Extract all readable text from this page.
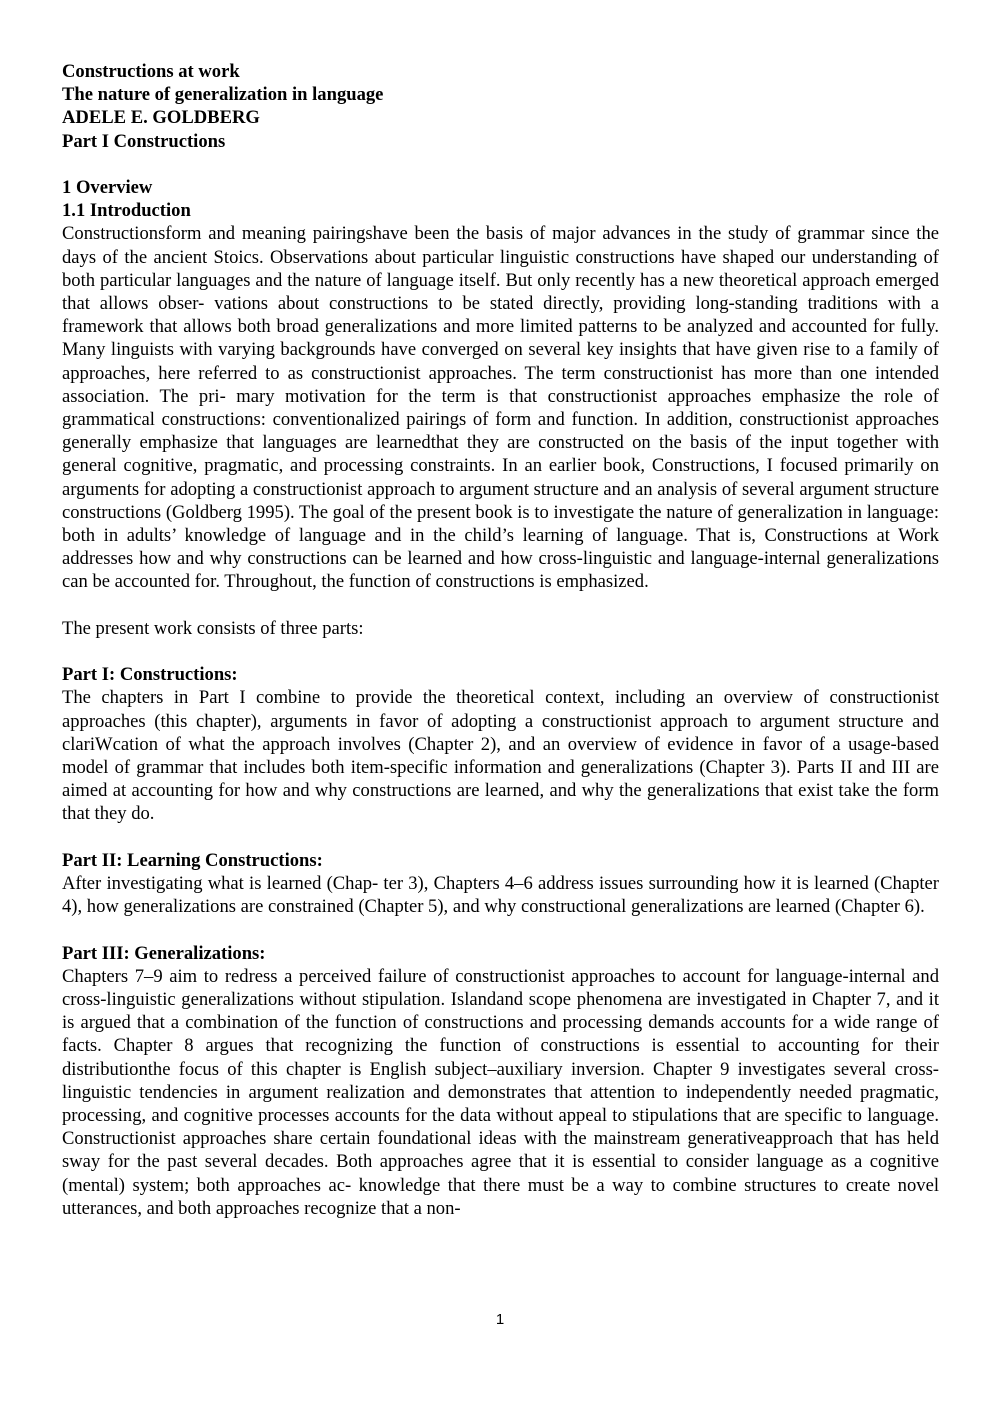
Constructions at work
The nature of generalization in language
ADELE E. GOLDBERG
Part I Constructions
1 Overview
1.1 Introduction

Constructionsform and meaning pairingshave been the basis of major advances in the study of grammar since the days of the ancient Stoics. Observations about particular linguistic constructions have shaped our understanding of both particular languages and the nature of language itself. But only recently has a new theoretical approach emerged that allows obser- vations about constructions to be stated directly, providing long-standing traditions with a framework that allows both broad generalizations and more limited patterns to be analyzed and accounted for fully. Many linguists with varying backgrounds have converged on several key insights that have given rise to a family of approaches, here referred to as constructionist approaches. The term constructionist has more than one intended association. The pri- mary motivation for the term is that constructionist approaches emphasize the role of grammatical constructions: conventionalized pairings of form and function. In addition, constructionist approaches generally emphasize that languages are learnedthat they are constructed on the basis of the input together with general cognitive, pragmatic, and processing constraints. In an earlier book, Constructions, I focused primarily on arguments for adopting a constructionist approach to argument structure and an analysis of several argument structure constructions (Goldberg 1995). The goal of the present book is to investigate the nature of generalization in language: both in adults’ knowledge of language and in the child’s learning of language. That is, Constructions at Work addresses how and why constructions can be learned and how cross-linguistic and language-internal generalizations can be accounted for. Throughout, the function of constructions is emphasized.

The present work consists of three parts:

Part I: Constructions:

The chapters in Part I combine to provide the theoretical context, including an overview of constructionist approaches (this chapter), arguments in favor of adopting a constructionist approach to argument structure and clariWcation of what the approach involves (Chapter 2), and an overview of evidence in favor of a usage-based model of grammar that includes both item-specific information and generalizations (Chapter 3). Parts II and III are aimed at accounting for how and why constructions are learned, and why the generalizations that exist take the form that they do.

Part II: Learning Constructions:

After investigating what is learned (Chap- ter 3), Chapters 4–6 address issues surrounding how it is learned (Chapter 4), how generalizations are constrained (Chapter 5), and why constructional generalizations are learned (Chapter 6).

Part III: Generalizations:

Chapters 7–9 aim to redress a perceived failure of constructionist approaches to account for language-internal and cross-linguistic generalizations without stipulation. Islandand scope phenomena are investigated in Chapter 7, and it is argued that a combination of the function of constructions and processing demands accounts for a wide range of facts. Chapter 8 argues that recognizing the function of constructions is essential to accounting for their distributionthe focus of this chapter is English subject–auxiliary inversion. Chapter 9 investigates several cross- linguistic tendencies in argument realization and demonstrates that attention to independently needed pragmatic, processing, and cognitive processes accounts for the data without appeal to stipulations that are specific to language. Constructionist approaches share certain foundational ideas with the mainstream generativeapproach that has held sway for the past several decades. Both approaches agree that it is essential to consider language as a cognitive (mental) system; both approaches ac- knowledge that there must be a way to combine structures to create novel utterances, and both approaches recognize that a non-

1
